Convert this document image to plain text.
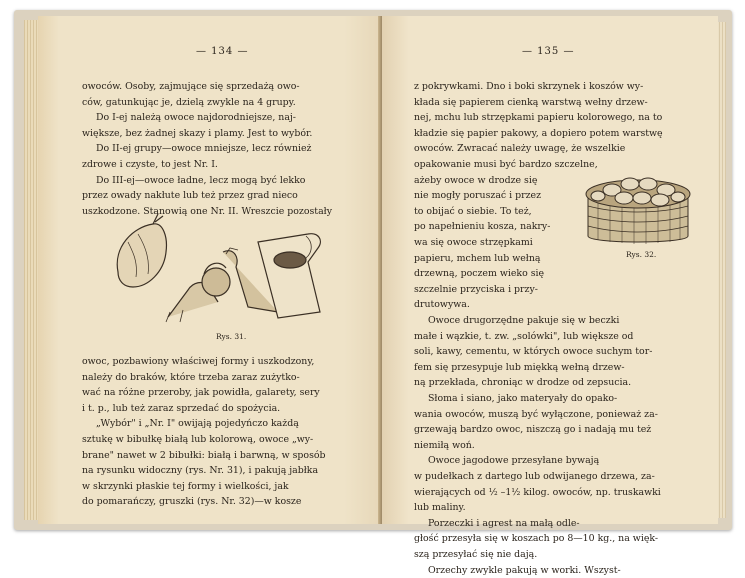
— 134 —

owoców. Osoby, zajmujące się sprzedażą owo-

ców, gatunkując je, dzielą zwykle na 4 grupy.

Do I-ej należą owoce najdorodniejsze, naj-

większe, bez żadnej skazy i plamy. Jest to wybór.

Do II-ej grupy—owoce mniejsze, lecz również

zdrowe i czyste, to jest Nr. I.

Do III-ej—owoce ładne, lecz mogą być lekko

przez owady nakłute lub też przez grad nieco

uszkodzone. Stanowią one Nr. II. Wreszcie pozostały

Rys. 31.

owoc, pozbawiony właściwej formy i uszkodzony,

należy do braków, które trzeba zaraz zużytko-

wać na różne przeroby, jak powidła, galarety, sery

i t. p., lub też zaraz sprzedać do spożycia.

„Wybór" i „Nr. I" owijają pojedyńczo każdą

sztukę w bibułkę białą lub kolorową, owoce „wy-

brane" nawet w 2 bibułki: białą i barwną, w sposób

na rysunku widoczny (rys. Nr. 31), i pakują jabłka

w skrzynki płaskie tej formy i wielkości, jak

do pomarańczy, gruszki (rys. Nr. 32)—w kosze

— 135 —

z pokrywkami. Dno i boki skrzynek i koszów wy-

kłada się papierem cienką warstwą wełny drzew-

nej, mchu lub strzępkami papieru kolorowego, na to

kładzie się papier pakowy, a dopiero potem warstwę

owoców. Zwracać należy uwagę, że wszelkie

opakowanie musi być bardzo szczelne,

ażeby owoce w drodze się

nie mogły poruszać i przez

to obijać o siebie. To też,

po napełnieniu kosza, nakry-

wa się owoce strzępkami

papieru, mchem lub wełną

drzewną, poczem wieko się

szczelnie przyciska i przy-

drutowywa.

Rys. 32.

Owoce drugorzędne pakuje się w beczki

małe i wązkie, t. zw. „solówki", lub większe od

soli, kawy, cementu, w których owoce suchym tor-

fem się przesypuje lub miękką wełną drzew-

ną przekłada, chroniąc w drodze od zepsucia.

Słoma i siano, jako materyały do opako-

wania owoców, muszą być wyłączone, ponieważ za-

grzewają bardzo owoc, niszczą go i nadają mu też

niemiłą woń.

Owoce jagodowe przesyłane bywają

w pudełkach z dartego lub odwijanego drzewa, za-

wierających od ½ –1½ kilog. owoców, np. truskawki

lub maliny.

Porzeczki i agrest na małą odle-

głość przesyła się w koszach po 8—10 kg., na więk-

szą przesyłać się nie dają.

Orzechy zwykle pakują w worki. Wszyst-
